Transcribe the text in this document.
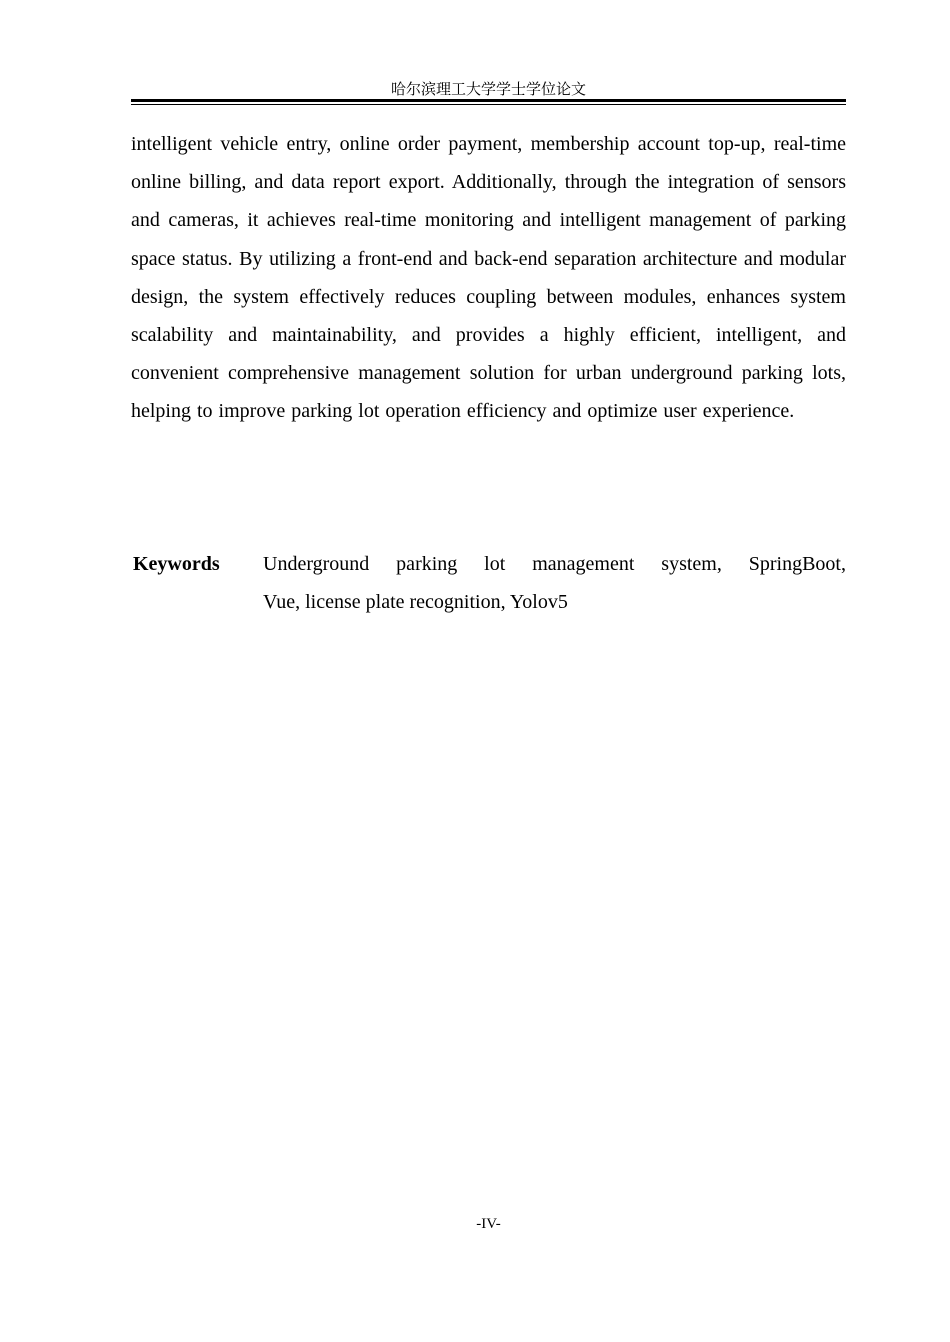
哈尔滨理工大学学士学位论文

intelligent vehicle entry, online order payment, membership account top-up, real-time online billing, and data report export. Additionally, through the integration of sensors and cameras, it achieves real-time monitoring and intelligent management of parking space status. By utilizing a front-end and back-end separation architecture and modular design, the system effectively reduces coupling between modules, enhances system scalability and maintainability, and provides a highly efficient, intelligent, and convenient comprehensive management solution for urban underground parking lots, helping to improve parking lot operation efficiency and optimize user experience.

Keywords	Underground parking lot management system, SpringBoot,
Vue, license plate recognition, Yolov5

-IV-
